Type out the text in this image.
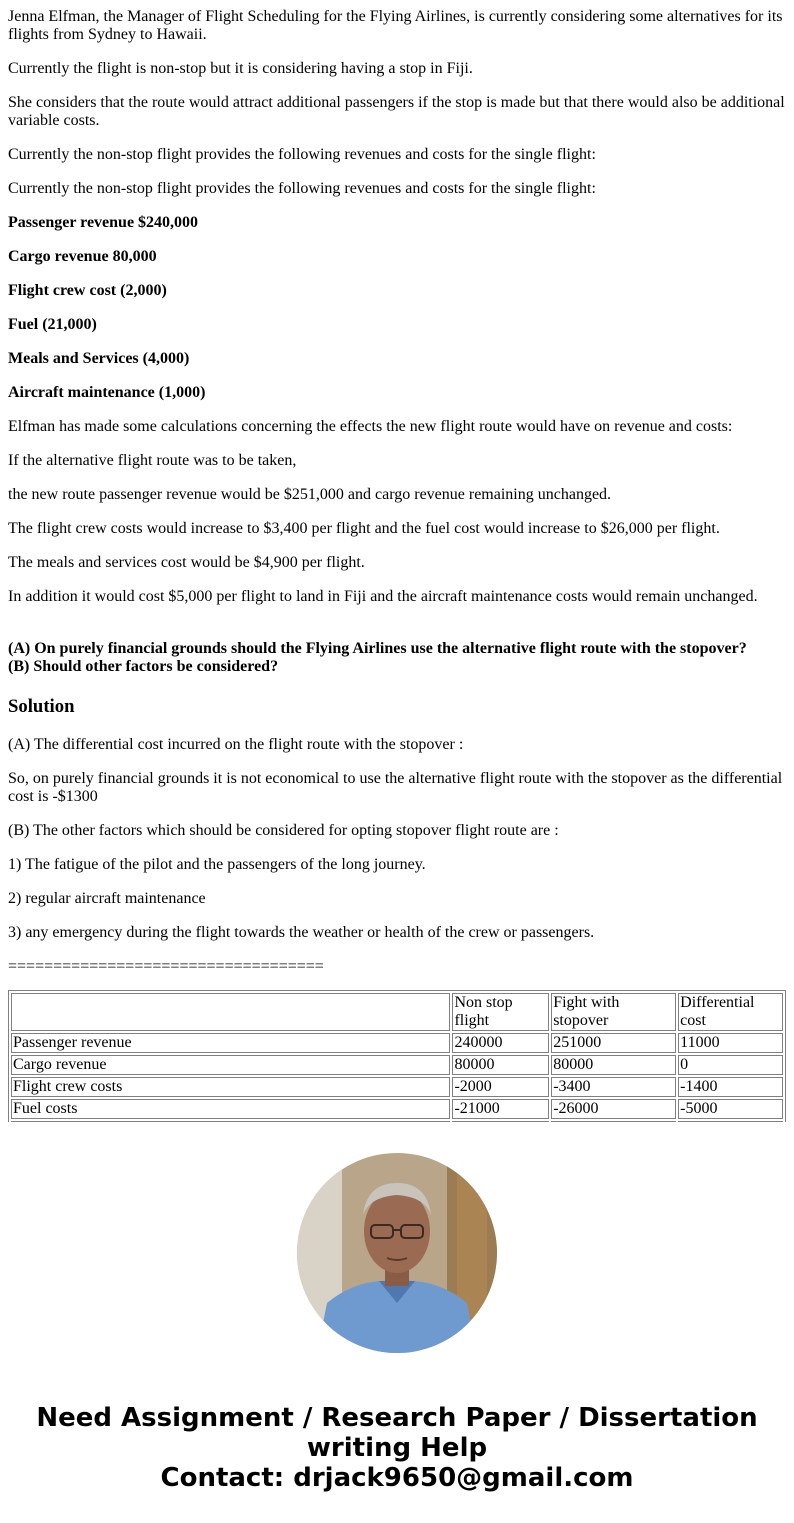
Jenna Elfman, the Manager of Flight Scheduling for the Flying Airlines, is currently considering some alternatives for its flights from Sydney to Hawaii.

Currently the flight is non-stop but it is considering having a stop in Fiji.

She considers that the route would attract additional passengers if the stop is made but that there would also be additional variable costs.

Currently the non-stop flight provides the following revenues and costs for the single flight:

Currently the non-stop flight provides the following revenues and costs for the single flight:

Passenger revenue $240,000

Cargo revenue 80,000

Flight crew cost (2,000)

Fuel (21,000)

Meals and Services (4,000)

Aircraft maintenance (1,000)

Elfman has made some calculations concerning the effects the new flight route would have on revenue and costs:

If the alternative flight route was to be taken,

the new route passenger revenue would be $251,000 and cargo revenue remaining unchanged.

The flight crew costs would increase to $3,400 per flight and the fuel cost would increase to $26,000 per flight.

The meals and services cost would be $4,900 per flight.

In addition it would cost $5,000 per flight to land in Fiji and the aircraft maintenance costs would remain unchanged.

(A) On purely financial grounds should the Flying Airlines use the alternative flight route with the stopover?
(B) Should other factors be considered?

Solution

(A) The differential cost incurred on the flight route with the stopover :

So, on purely financial grounds it is not economical to use the alternative flight route with the stopover as the differential cost is -$1300

(B) The other factors which should be considered for opting stopover flight route are :

1) The fatigue of the pilot and the passengers of the long journey.

2) regular aircraft maintenance

3) any emergency during the flight towards the weather or health of the crew or passengers.

===================================

	Non stop flight	Fight with stopover	Differential cost
Passenger revenue	240000	251000	11000
Cargo revenue	80000	80000	0
Flight crew costs	-2000	-3400	-1400
Fuel costs	-21000	-26000	-5000

Need Assignment / Research Paper / Dissertation
writing Help
Contact: drjack9650@gmail.com
